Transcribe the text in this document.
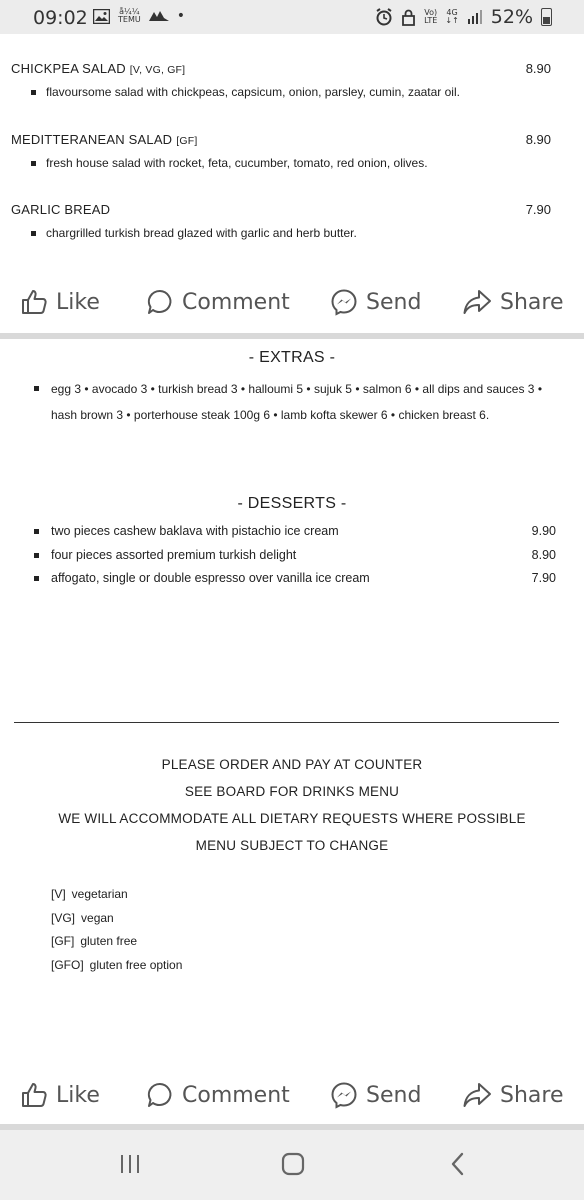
09:02	å¼¼
TEMU	•	Vo)
LTE
4G
↓↑ 52%
CHICKPEA SALAD [V, VG, GF]	8.90
flavoursome salad with chickpeas, capsicum, onion, parsley, cumin, zaatar oil.
MEDITTERANEAN SALAD [GF]	8.90
fresh house salad with rocket, feta, cucumber, tomato, red onion, olives.
GARLIC BREAD	7.90
chargrilled turkish bread glazed with garlic and herb butter.
Like	Comment	Send	Share
- EXTRAS -
egg 3 • avocado 3 • turkish bread 3 • halloumi 5 • sujuk 5 • salmon 6 • all dips and sauces 3 • hash brown 3 • porterhouse steak 100g 6 • lamb kofta skewer 6 • chicken breast 6.
- DESSERTS -
two pieces cashew baklava with pistachio ice cream	9.90
four pieces assorted premium turkish delight	8.90
affogato, single or double espresso over vanilla ice cream	7.90
PLEASE ORDER AND PAY AT COUNTER
SEE BOARD FOR DRINKS MENU
WE WILL ACCOMMODATE ALL DIETARY REQUESTS WHERE POSSIBLE
MENU SUBJECT TO CHANGE
[V] vegetarian
[VG] vegan
[GF] gluten free
[GFO] gluten free option
Like	Comment	Send	Share
